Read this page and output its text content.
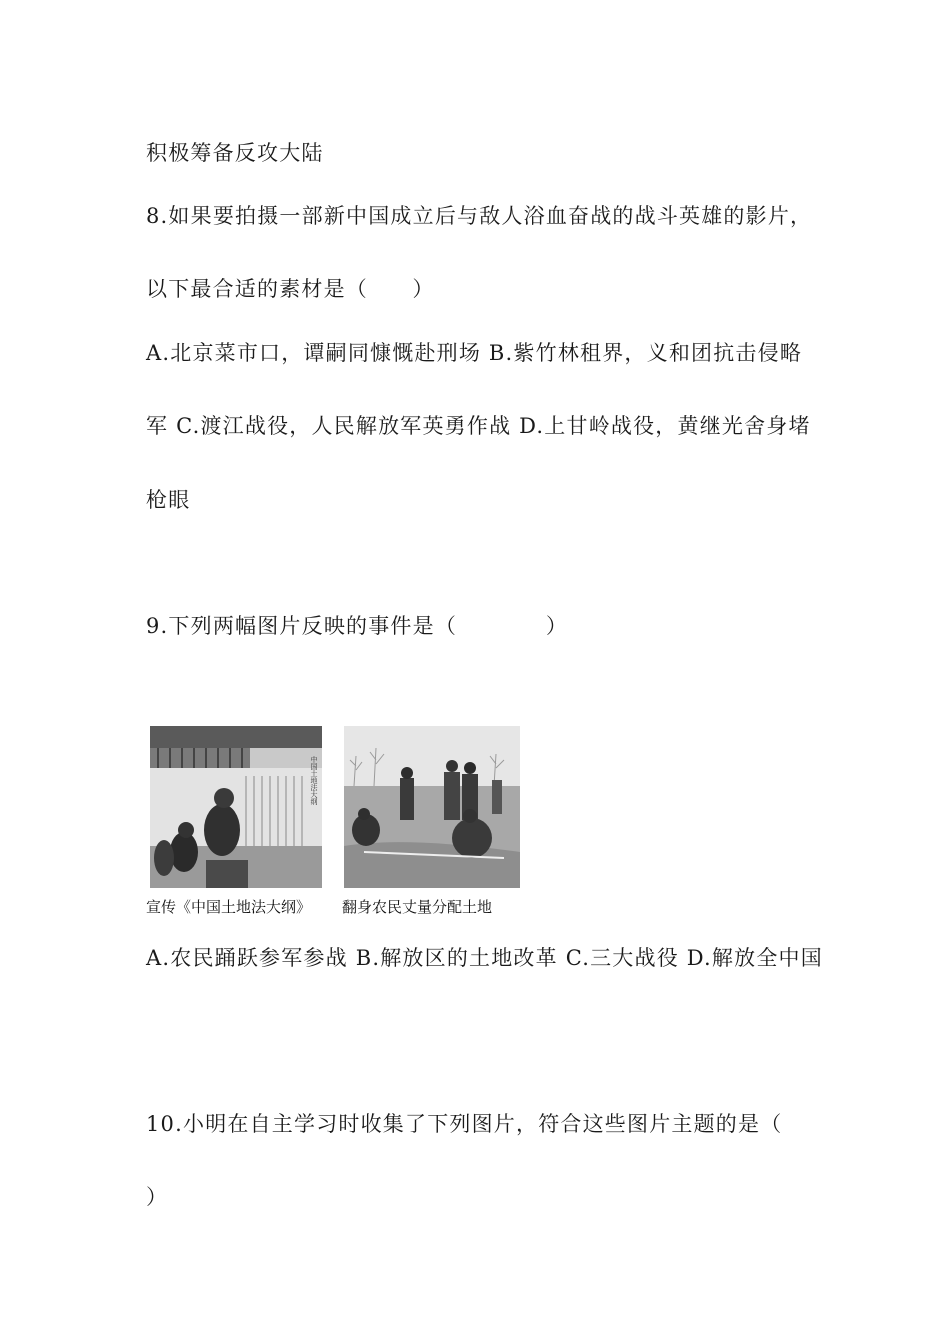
积极筹备反攻大陆
8.如果要拍摄一部新中国成立后与敌人浴血奋战的战斗英雄的影片，
以下最合适的素材是（　　）
A.北京菜市口，谭嗣同慷慨赴刑场 B.紫竹林租界，义和团抗击侵略
军 C.渡江战役，人民解放军英勇作战 D.上甘岭战役，黄继光舍身堵
枪眼
9.下列两幅图片反映的事件是（　　　　）
中国土地法大纲
宣传《中国土地法大纲》 翻身农民丈量分配土地
A.农民踊跃参军参战 B.解放区的土地改革 C.三大战役 D.解放全中国
10.小明在自主学习时收集了下列图片，符合这些图片主题的是（
）
